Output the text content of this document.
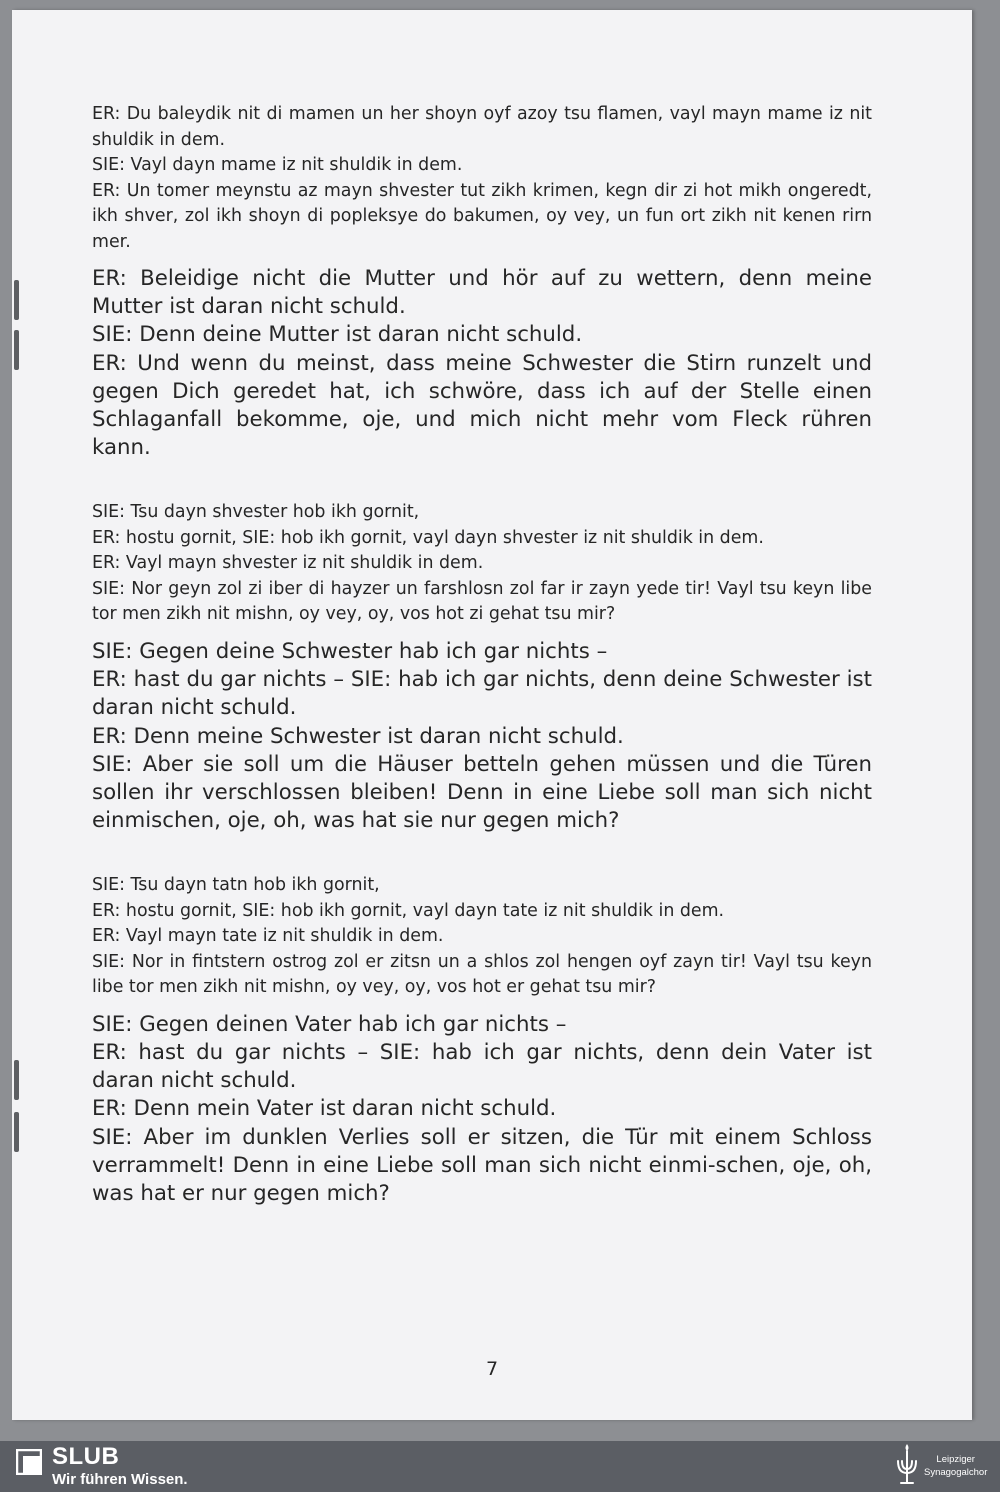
ER: Du baleydik nit di mamen un her shoyn oyf azoy tsu flamen, vayl mayn mame iz nit shuldik in dem.

SIE: Vayl dayn mame iz nit shuldik in dem.

ER: Un tomer meynstu az mayn shvester tut zikh krimen, kegn dir zi hot mikh ongeredt, ikh shver, zol ikh shoyn di popleksye do bakumen, oy vey, un fun ort zikh nit kenen rirn mer.

ER: Beleidige nicht die Mutter und hör auf zu wettern, denn meine Mutter ist daran nicht schuld.

SIE: Denn deine Mutter ist daran nicht schuld.

ER: Und wenn du meinst, dass meine Schwester die Stirn runzelt und gegen Dich geredet hat, ich schwöre, dass ich auf der Stelle einen Schlaganfall bekomme, oje, und mich nicht mehr vom Fleck rühren kann.

SIE: Tsu dayn shvester hob ikh gornit,

ER: hostu gornit, SIE: hob ikh gornit, vayl dayn shvester iz nit shuldik in dem.

ER: Vayl mayn shvester iz nit shuldik in dem.

SIE: Nor geyn zol zi iber di hayzer un farshlosn zol far ir zayn yede tir! Vayl tsu keyn libe tor men zikh nit mishn, oy vey, oy, vos hot zi gehat tsu mir?

SIE: Gegen deine Schwester hab ich gar nichts –

ER: hast du gar nichts – SIE: hab ich gar nichts, denn deine Schwester ist daran nicht schuld.

ER: Denn meine Schwester ist daran nicht schuld.

SIE: Aber sie soll um die Häuser betteln gehen müssen und die Türen sollen ihr verschlossen bleiben! Denn in eine Liebe soll man sich nicht einmischen, oje, oh, was hat sie nur gegen mich?

SIE: Tsu dayn tatn hob ikh gornit,

ER: hostu gornit, SIE: hob ikh gornit, vayl dayn tate iz nit shuldik in dem.

ER: Vayl mayn tate iz nit shuldik in dem.

SIE: Nor in fintstern ostrog zol er zitsn un a shlos zol hengen oyf zayn tir! Vayl tsu keyn libe tor men zikh nit mishn, oy vey, oy, vos hot er gehat tsu mir?

SIE: Gegen deinen Vater hab ich gar nichts –

ER: hast du gar nichts – SIE: hab ich gar nichts, denn dein Vater ist daran nicht schuld.

ER: Denn mein Vater ist daran nicht schuld.

SIE: Aber im dunklen Verlies soll er sitzen, die Tür mit einem Schloss verrammelt! Denn in eine Liebe soll man sich nicht einmi-schen, oje, oh, was hat er nur gegen mich?

7
SLUB
Wir führen Wissen.
Leipziger
Synagogalchor
